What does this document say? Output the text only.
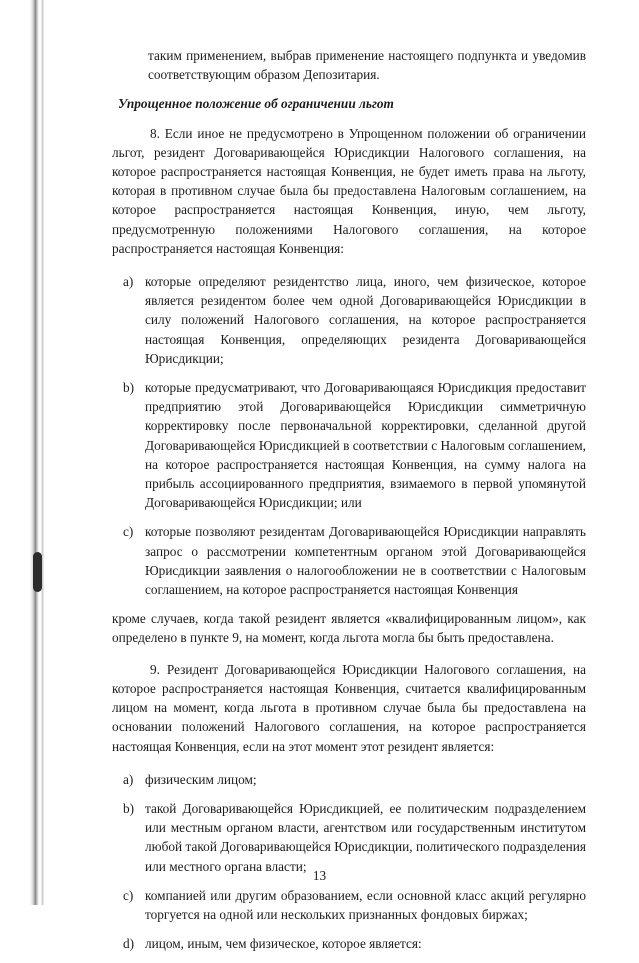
таким применением, выбрав применение настоящего подпункта и уведомив соответствующим образом Депозитария.

Упрощенное положение об ограничении льгот

8. Если иное не предусмотрено в Упрощенном положении об ограничении льгот, резидент Договаривающейся Юрисдикции Налогового соглашения, на которое распространяется настоящая Конвенция, не будет иметь права на льготу, которая в противном случае была бы предоставлена Налоговым соглашением, на которое распространяется настоящая Конвенция, иную, чем льготу, предусмотренную положениями Налогового соглашения, на которое распространяется настоящая Конвенция:

a) которые определяют резидентство лица, иного, чем физическое, которое является резидентом более чем одной Договаривающейся Юрисдикции в силу положений Налогового соглашения, на которое распространяется настоящая Конвенция, определяющих резидента Договаривающейся Юрисдикции;

b) которые предусматривают, что Договаривающаяся Юрисдикция предоставит предприятию этой Договаривающейся Юрисдикции симметричную корректировку после первоначальной корректировки, сделанной другой Договаривающейся Юрисдикцией в соответствии с Налоговым соглашением, на которое распространяется настоящая Конвенция, на сумму налога на прибыль ассоциированного предприятия, взимаемого в первой упомянутой Договаривающейся Юрисдикции; или

c) которые позволяют резидентам Договаривающейся Юрисдикции направлять запрос о рассмотрении компетентным органом этой Договаривающейся Юрисдикции заявления о налогообложении не в соответствии с Налоговым соглашением, на которое распространяется настоящая Конвенция

кроме случаев, когда такой резидент является «квалифицированным лицом», как определено в пункте 9, на момент, когда льгота могла бы быть предоставлена.

9. Резидент Договаривающейся Юрисдикции Налогового соглашения, на которое распространяется настоящая Конвенция, считается квалифицированным лицом на момент, когда льгота в противном случае была бы предоставлена на основании положений Налогового соглашения, на которое распространяется настоящая Конвенция, если на этот момент этот резидент является:

a) физическим лицом;

b) такой Договаривающейся Юрисдикцией, ее политическим подразделением или местным органом власти, агентством или государственным институтом любой такой Договаривающейся Юрисдикции, политического подразделения или местного органа власти;

c) компанией или другим образованием, если основной класс акций регулярно торгуется на одной или нескольких признанных фондовых биржах;

d) лицом, иным, чем физическое, которое является:

13
